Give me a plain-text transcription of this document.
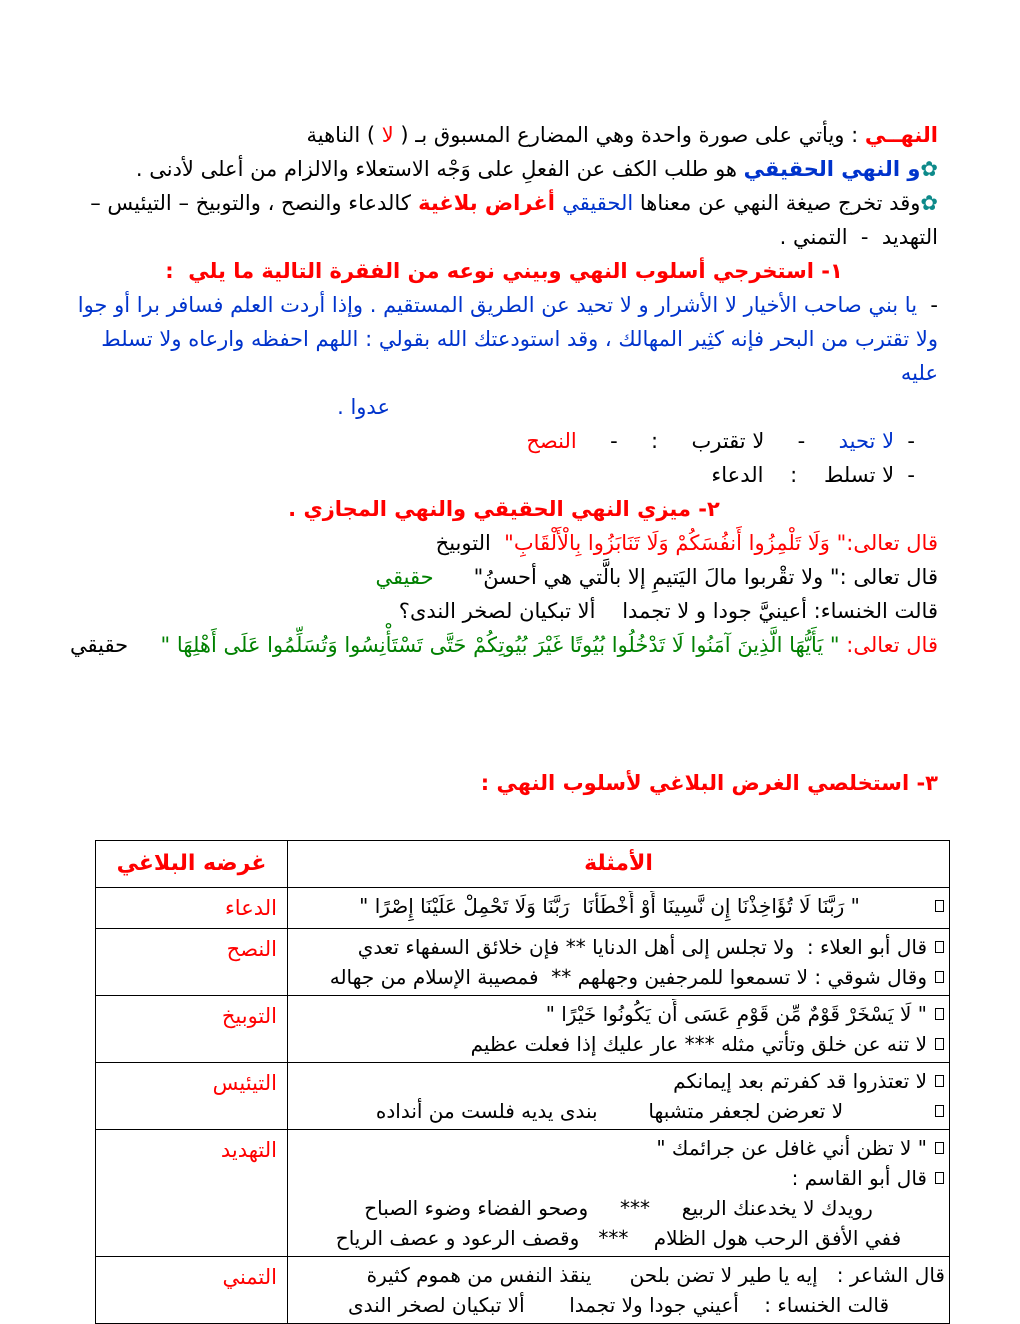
النهــي : ويأتي على صورة واحدة وهي المضارع المسبوق بـ ( لا ) الناهية
✿و النهي الحقيقي هو طلب الكف عن الفعلِ على وَجْه الاستعلاء والالزام من أعلى لأدنى .
✿وقد تخرج صيغة النهي عن معناها الحقيقي أغراض بلاغية كالدعاء والنصح ، والتوبيخ – التيئيس –
التهديد  -  التمني .
١- استخرجي أسلوب النهي وبيني نوعه من الفقرة التالية ما يلي  :
-  يا بني صاحب الأخيار لا الأشرار و لا تحيد عن الطريق المستقيم . وإذا أردت العلم فسافر برا أو جوا
ولا تقترب من البحر فإنه كثِير المهالك ، وقد استودعتك الله بقولي : اللهم احفظه وارعاه ولا تسلط عليه
عدوا .
-  لا تحيد     -     لا تقترب     :     -     النصح
-  لا تسلط    :    الدعاء
٢- ميزي النهي الحقيقي والنهي المجازي .
قال تعالى:" وَلَا تَلْمِزُوا أَنفُسَكُمْ وَلَا تَنَابَزُوا بِالْأَلْقَابِ"  التوبيخ
قال تعالى :" ولا تقْربوا مالَ اليَتيمِ إلا بالَّتي هي أحسنُ"      حقيقي
قالت الخنساء: أعينيَّ جودا و لا تجمدا    ألا تبكيان لصخر الندى؟
قال تعالى: " يَأَيُّهَا الَّذِينَ آمَنُوا لَا تَدْخُلُوا بُيُوتًا غَيْرَ بُيُوتِكُمْ حَتَّى تَسْتَأْنِسُوا وَتُسَلِّمُوا عَلَى أَهْلِهَا "
حقيقي
٣- استخلصي الغرض البلاغي لأسلوب النهي :
الأمثلة	غرضه البلاغي

" رَبَّنَا لَا تُؤَاخِذْنَا إِن نَّسِينَا أَوْ أَخْطَأْنَا  رَبَّنَا وَلَا تَحْمِلْ عَلَيْنَا إِصْرًا "	الدعاء

قال أبو العلاء :  ولا تجلس إلى أهل الدنايا ** فإن خلائق السفهاء تعدي
وقال شوقي : لا تسمعوا للمرجفين وجهلهم **  فمصيبة الإسلام من جهاله	النصح

" لَا يَسْخَرْ قَوْمٌ مِّن قَوْمٍ عَسَى أَن يَكُونُوا خَيْرًا "
لا تنه عن خلق وتأتي مثله *** عار عليك إذا فعلت عظيم	التوبيخ

لا تعتذروا قد كفرتم بعد إيمانكم
لا تعرضن لجعفر متشبها        بندى يديه فلست من أنداده	التيئيس

" لا تظن أني غافل عن جرائمك "
قال أبو القاسم :
رويدك لا يخدعنك الربيع     ***     وصحو الفضاء وضوء الصباح
ففي الأفق الرحب هول الظلام    ***   وقصف الرعود و عصف الرياح	التهديد

قال الشاعر :   إيه يا طير لا تضن بلحن      ينقذ النفس من هموم كثيرة
قالت الخنساء :    أعيني جودا ولا تجمدا       ألا تبكيان لصخر الندى	التمني
